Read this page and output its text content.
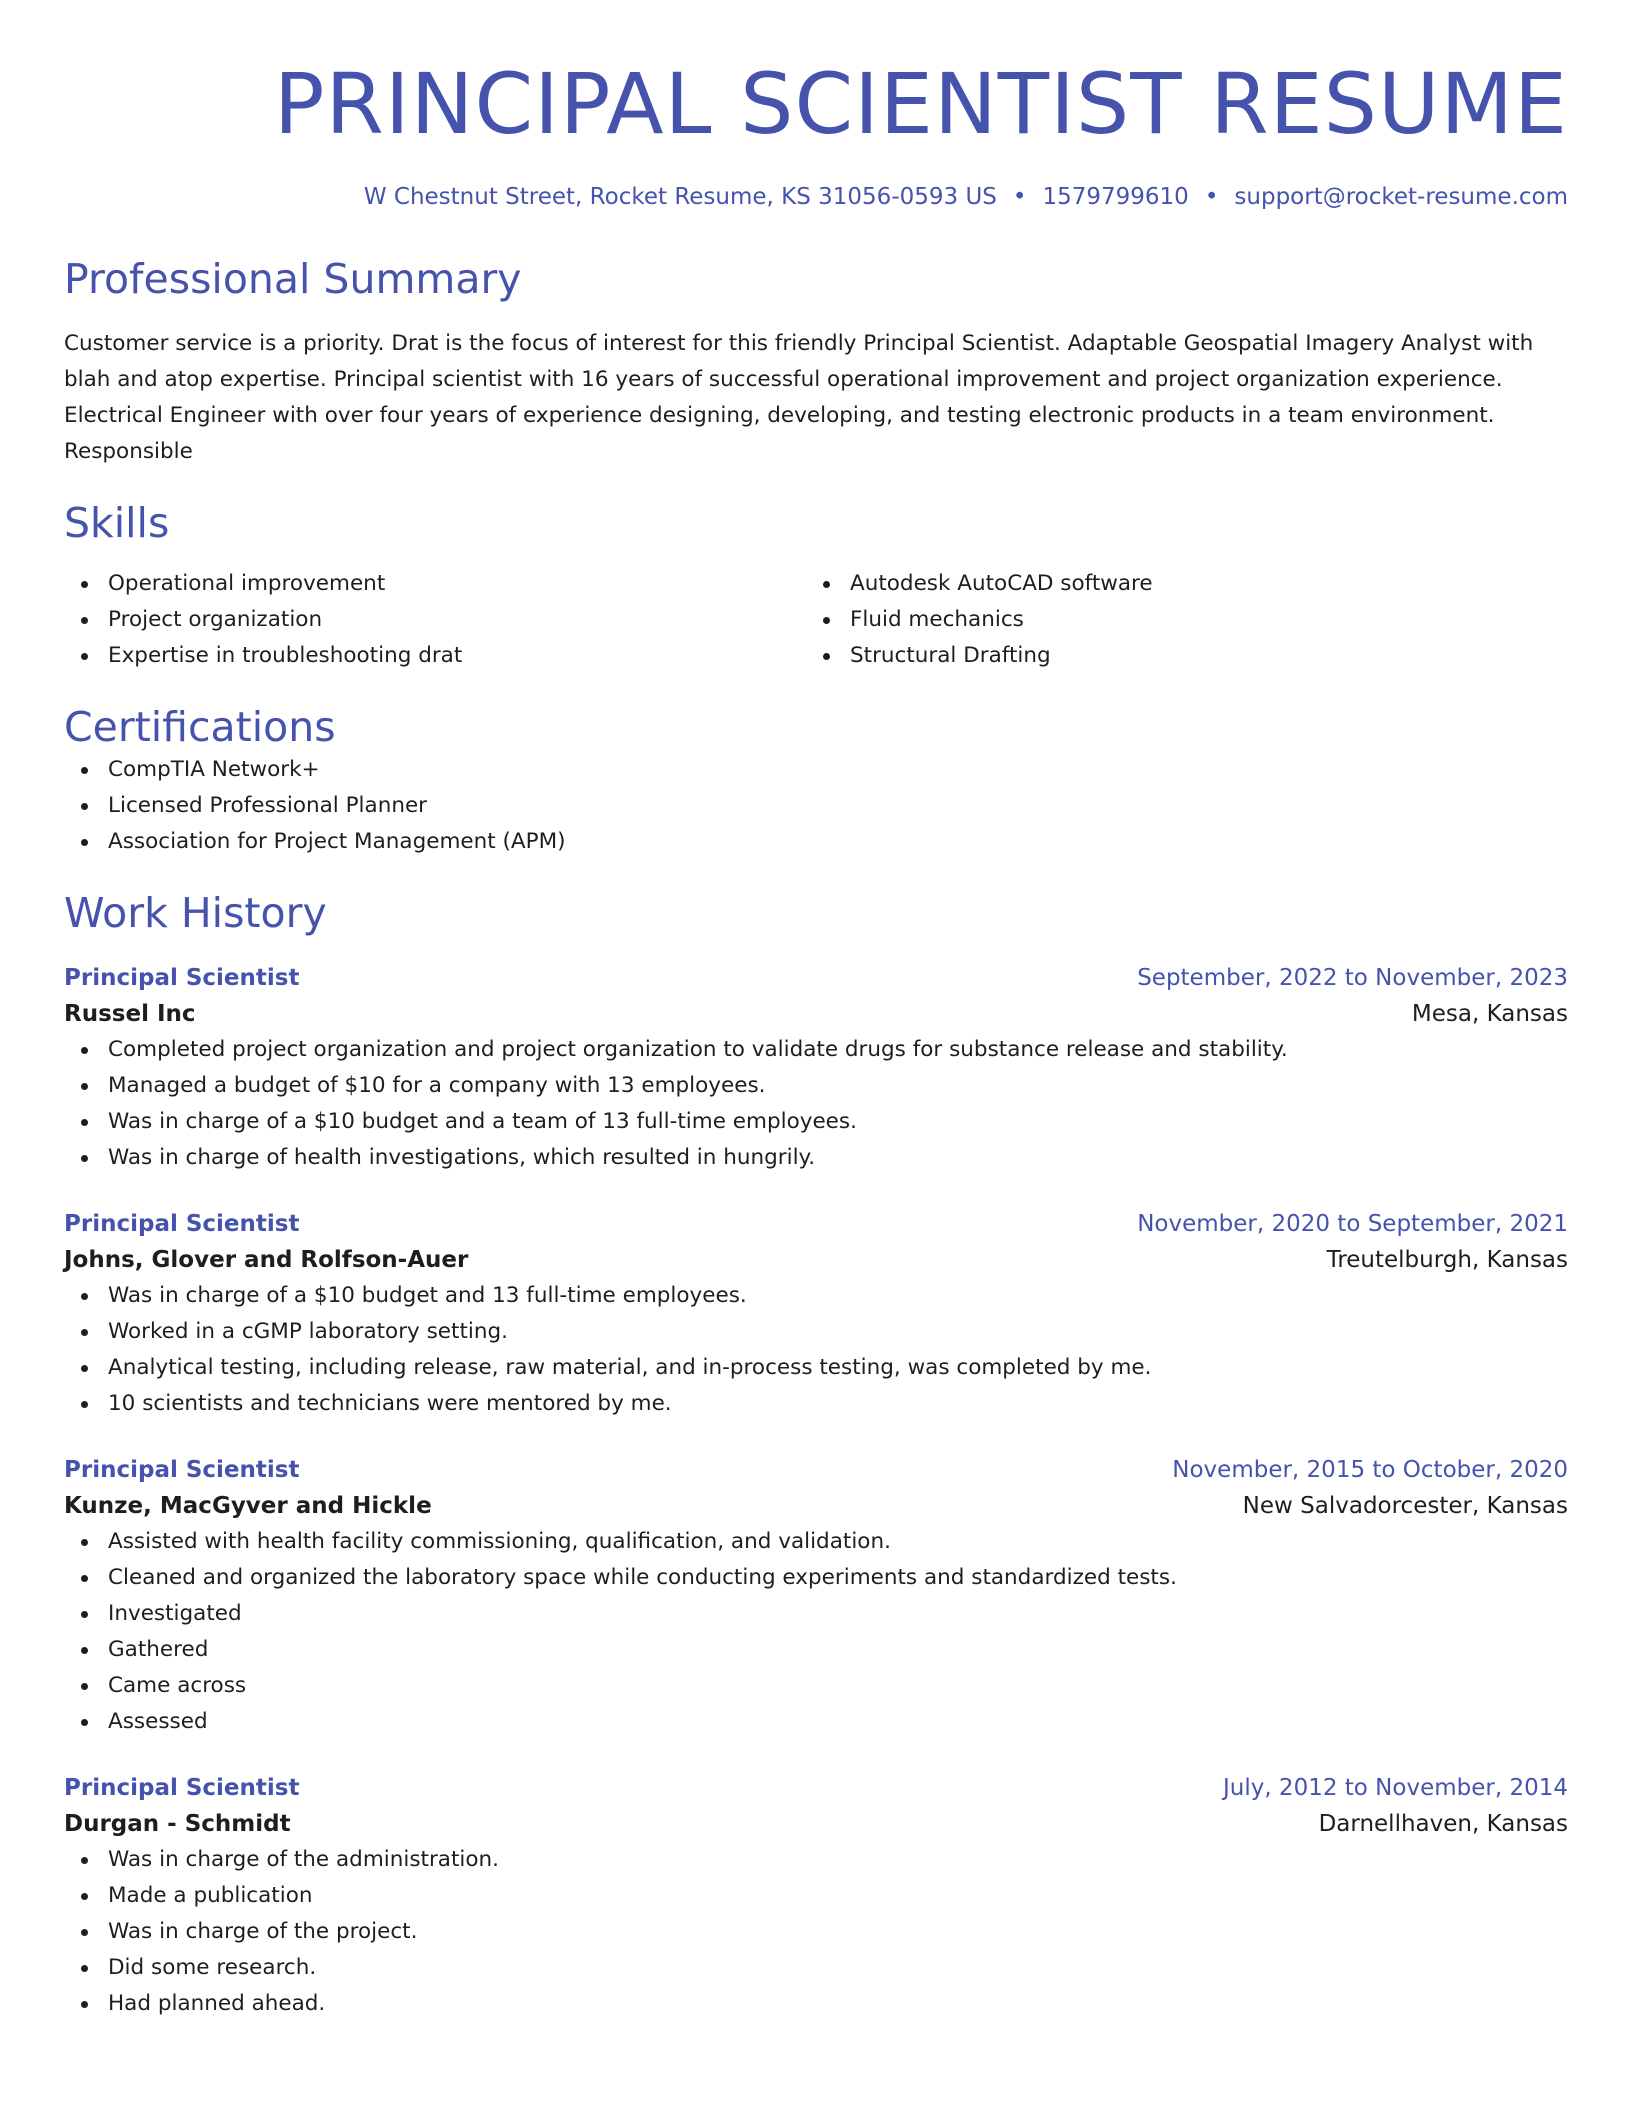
PRINCIPAL SCIENTIST RESUME
W Chestnut Street, Rocket Resume, KS 31056-0593 US • 1579799610 • support@rocket-resume.com
Professional Summary
Customer service is a priority. Drat is the focus of interest for this friendly Principal Scientist. Adaptable Geospatial Imagery Analyst with blah and atop expertise. Principal scientist with 16 years of successful operational improvement and project organization experience. Electrical Engineer with over four years of experience designing, developing, and testing electronic products in a team environment. Responsible
Skills
Operational improvement
Project organization
Expertise in troubleshooting drat
Autodesk AutoCAD software
Fluid mechanics
Structural Drafting
Certifications
CompTIA Network+
Licensed Professional Planner
Association for Project Management (APM)
Work History
Principal Scientist	September, 2022 to November, 2023
Russel Inc	Mesa, Kansas
Completed project organization and project organization to validate drugs for substance release and stability.
Managed a budget of $10 for a company with 13 employees.
Was in charge of a $10 budget and a team of 13 full-time employees.
Was in charge of health investigations, which resulted in hungrily.
Principal Scientist	November, 2020 to September, 2021
Johns, Glover and Rolfson-Auer	Treutelburgh, Kansas
Was in charge of a $10 budget and 13 full-time employees.
Worked in a cGMP laboratory setting.
Analytical testing, including release, raw material, and in-process testing, was completed by me.
10 scientists and technicians were mentored by me.
Principal Scientist	November, 2015 to October, 2020
Kunze, MacGyver and Hickle	New Salvadorcester, Kansas
Assisted with health facility commissioning, qualification, and validation.
Cleaned and organized the laboratory space while conducting experiments and standardized tests.
Investigated
Gathered
Came across
Assessed
Principal Scientist	July, 2012 to November, 2014
Durgan - Schmidt	Darnellhaven, Kansas
Was in charge of the administration.
Made a publication
Was in charge of the project.
Did some research.
Had planned ahead.
